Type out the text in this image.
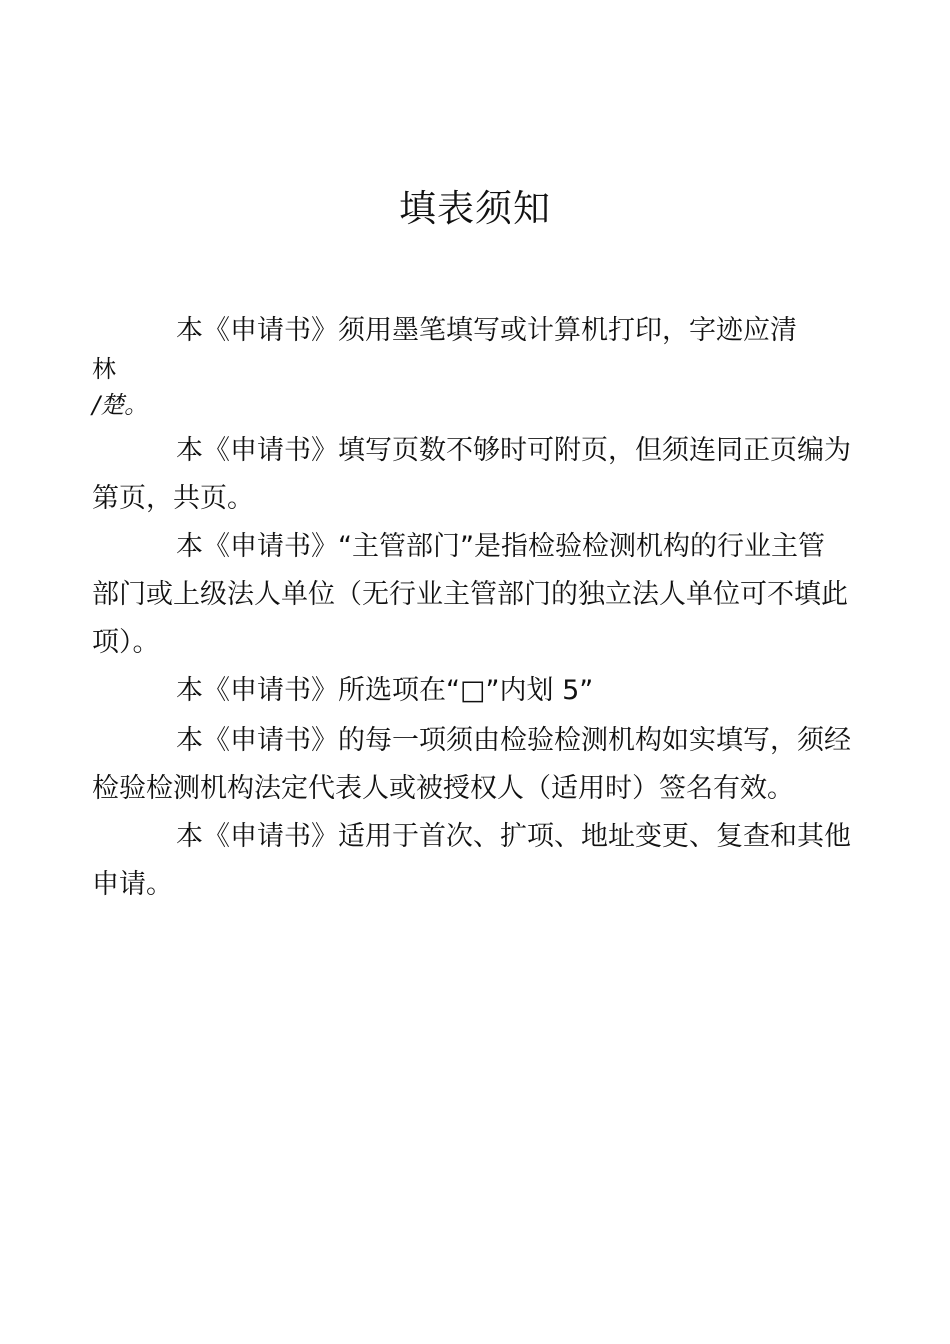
填表须知

本《申请书》须用墨笔填写或计算机打印，字迹应清

林

/楚。

本《申请书》填写页数不够时可附页，但须连同正页编为

第页，共页。

本《申请书》“主管部门”是指检验检测机构的行业主管

部门或上级法人单位（无行业主管部门的独立法人单位可不填此

项）。

本《申请书》所选项在“□”内划 5”

本《申请书》的每一项须由检验检测机构如实填写，须经

检验检测机构法定代表人或被授权人（适用时）签名有效。

本《申请书》适用于首次、扩项、地址变更、复查和其他

申请。
